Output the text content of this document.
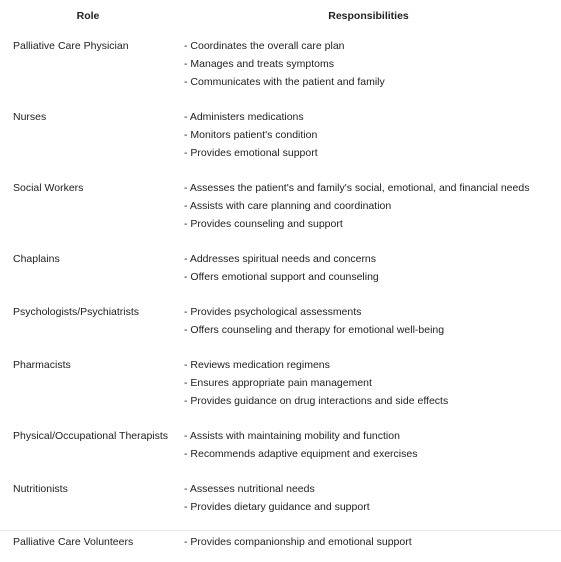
Role	Responsibilities
Palliative Care Physician	- Coordinates the overall care plan
- Manages and treats symptoms
- Communicates with the patient and family

Nurses	- Administers medications
- Monitors patient's condition
- Provides emotional support

Social Workers	- Assesses the patient's and family's social, emotional, and financial needs
- Assists with care planning and coordination
- Provides counseling and support

Chaplains	- Addresses spiritual needs and concerns
- Offers emotional support and counseling

Psychologists/Psychiatrists	- Provides psychological assessments
- Offers counseling and therapy for emotional well-being

Pharmacists	- Reviews medication regimens
- Ensures appropriate pain management
- Provides guidance on drug interactions and side effects

Physical/Occupational Therapists	- Assists with maintaining mobility and function
- Recommends adaptive equipment and exercises

Nutritionists	- Assesses nutritional needs
- Provides dietary guidance and support

Palliative Care Volunteers	- Provides companionship and emotional support
